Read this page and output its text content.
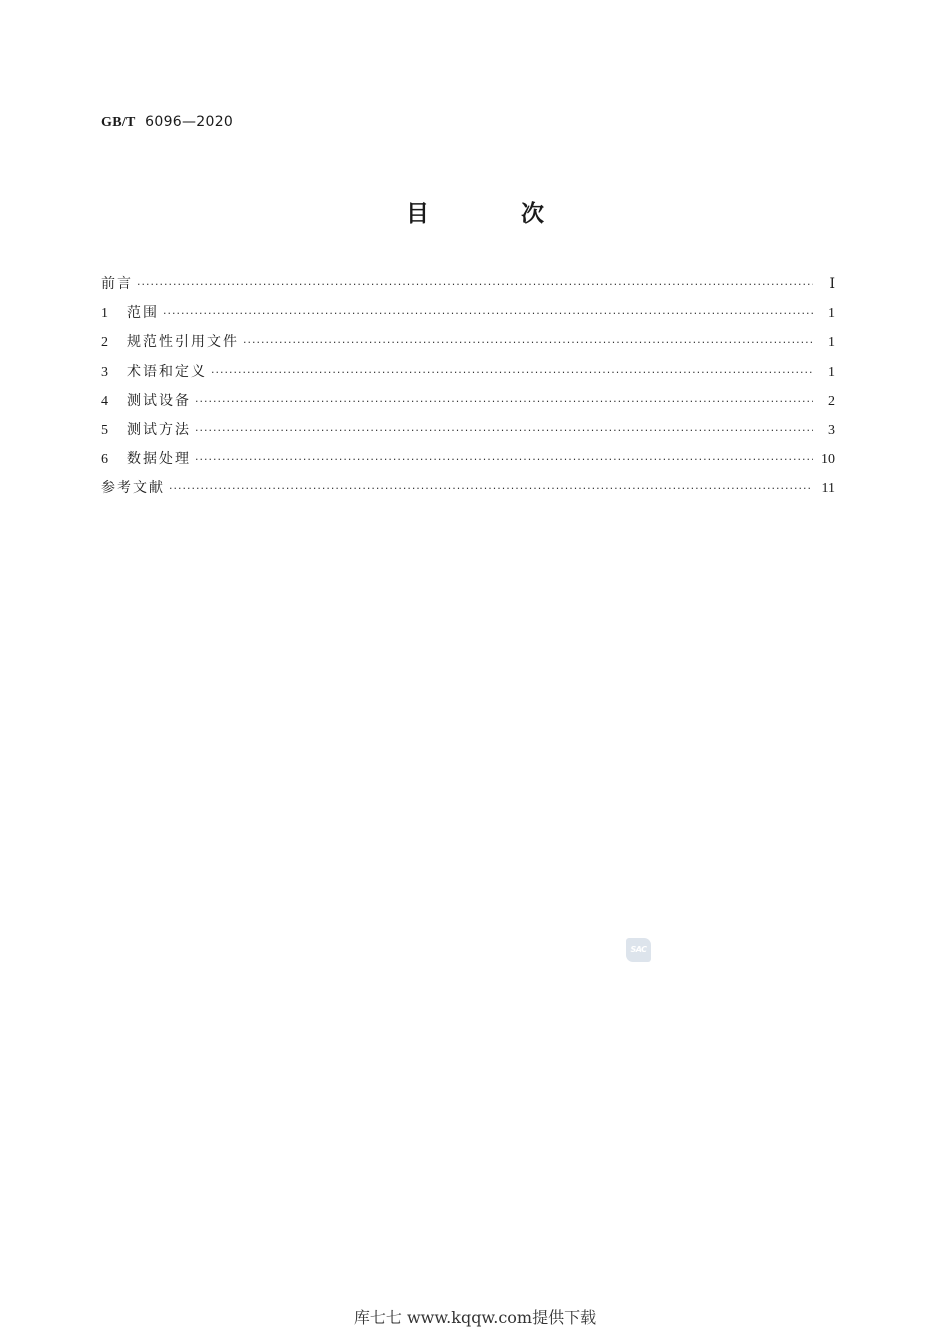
GB/T 6096—2020
目 次
前言 ·····	Ⅰ
1	范围 ·····	1
2	规范性引用文件 ·····	1
3	术语和定义 ·····	1
4	测试设备 ·····	2
5	测试方法 ·····	3
6	数据处理 ·····	10
参考文献 ·····	11
SAC
库七七 www.kqqw.com提供下载
